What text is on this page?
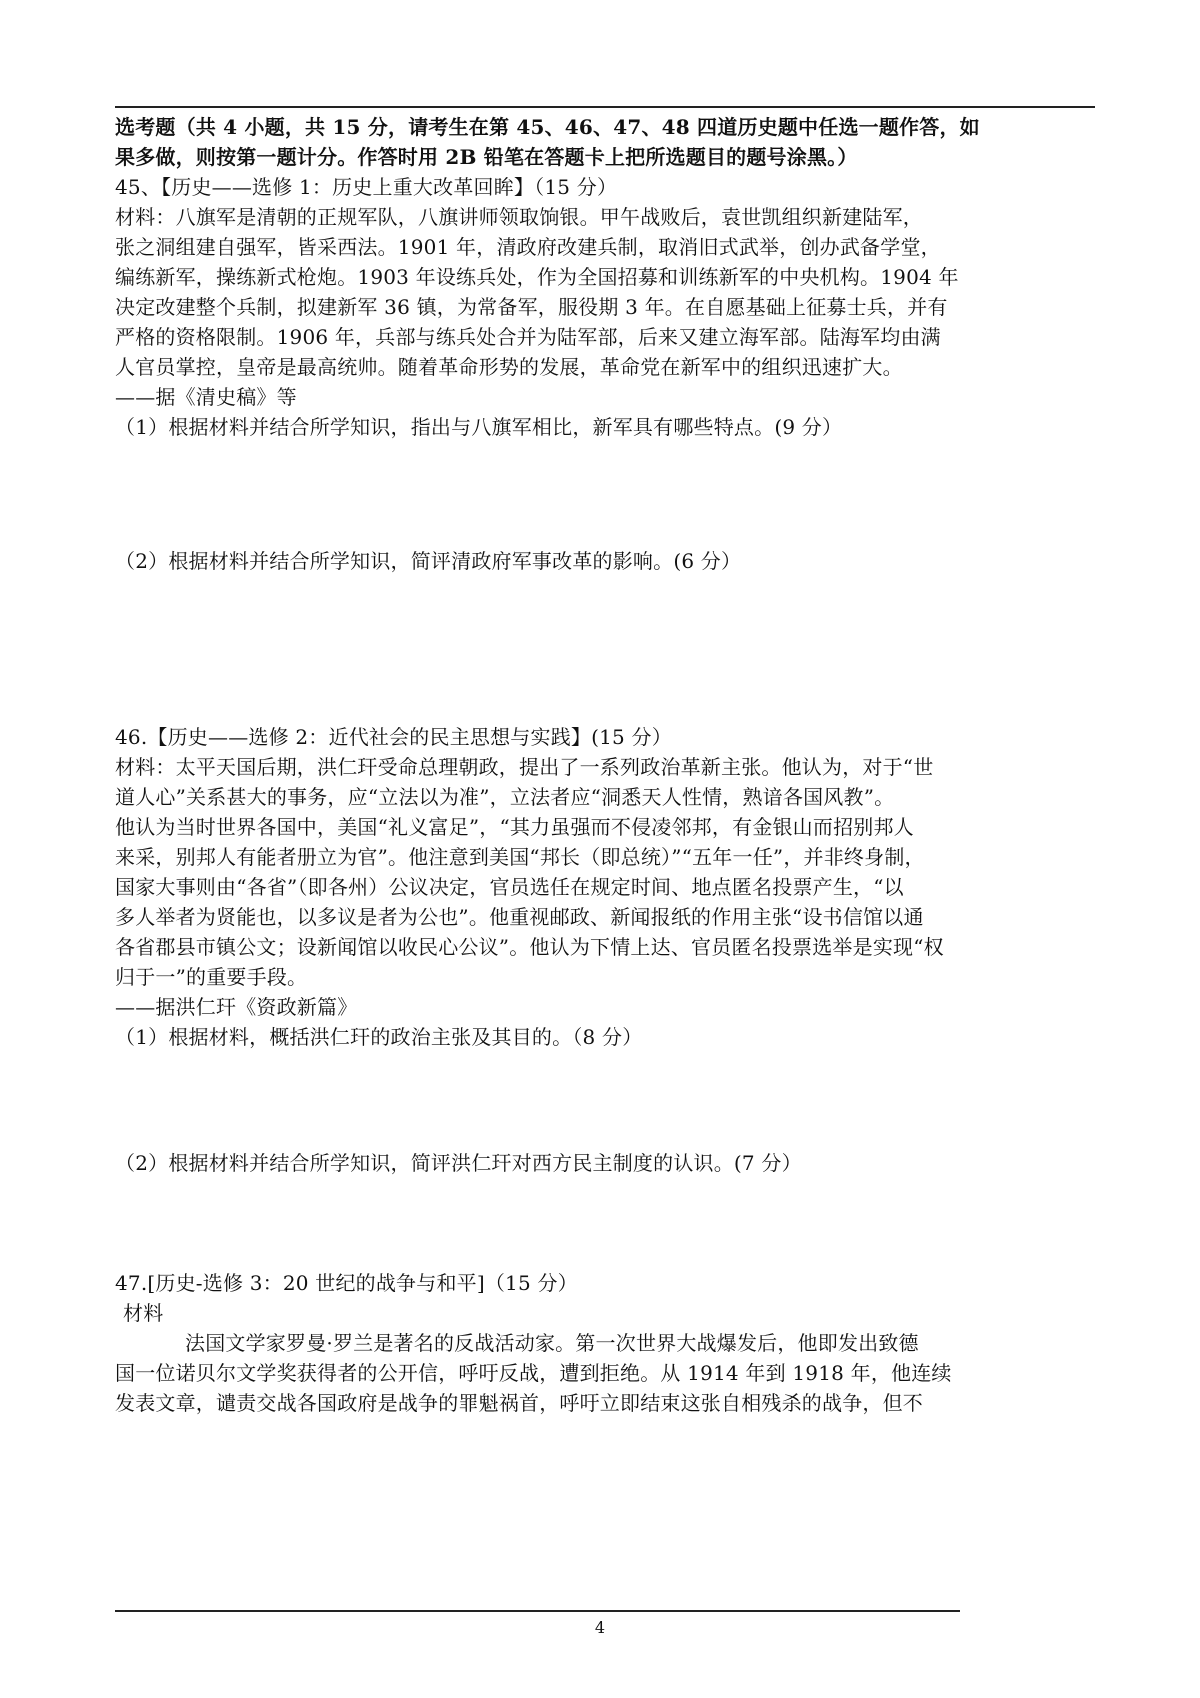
选考题（共 4 小题，共 15 分，请考生在第 45、46、47、48 四道历史题中任选一题作答，如
果多做，则按第一题计分。作答时用 2B 铅笔在答题卡上把所选题目的题号涂黑。）
45、【历史——选修 1：历史上重大改革回眸】（15 分）
材料：八旗军是清朝的正规军队，八旗讲师领取饷银。甲午战败后，袁世凯组织新建陆军，
张之洞组建自强军，皆采西法。1901 年，清政府改建兵制，取消旧式武举，创办武备学堂，
编练新军，操练新式枪炮。1903 年设练兵处，作为全国招募和训练新军的中央机构。1904 年
决定改建整个兵制，拟建新军 36 镇，为常备军，服役期 3 年。在自愿基础上征募士兵，并有
严格的资格限制。1906 年，兵部与练兵处合并为陆军部，后来又建立海军部。陆海军均由满
人官员掌控，皇帝是最高统帅。随着革命形势的发展，革命党在新军中的组织迅速扩大。
——据《清史稿》等
（1）根据材料并结合所学知识，指出与八旗军相比，新军具有哪些特点。(9 分）
（2）根据材料并结合所学知识，简评清政府军事改革的影响。(6 分）
46.【历史——选修 2：近代社会的民主思想与实践】(15 分）
材料：太平天国后期，洪仁玕受命总理朝政，提出了一系列政治革新主张。他认为，对于“世
道人心”关系甚大的事务，应“立法以为准”，立法者应“洞悉天人性情，熟谙各国风教”。
他认为当时世界各国中，美国“礼义富足”，“其力虽强而不侵凌邻邦，有金银山而招别邦人
来采，别邦人有能者册立为官”。他注意到美国“邦长（即总统）”“五年一任”，并非终身制，
国家大事则由“各省”（即各州）公议决定，官员选任在规定时间、地点匿名投票产生，“以
多人举者为贤能也，以多议是者为公也”。他重视邮政、新闻报纸的作用主张“设书信馆以通
各省郡县市镇公文；设新闻馆以收民心公议”。他认为下情上达、官员匿名投票选举是实现“权
归于一”的重要手段。
——据洪仁玕《资政新篇》
（1）根据材料，概括洪仁玕的政治主张及其目的。（8 分）
（2）根据材料并结合所学知识，简评洪仁玕对西方民主制度的认识。(7 分）
47.[历史-选修 3：20 世纪的战争与和平]（15 分）
材料
法国文学家罗曼·罗兰是著名的反战活动家。第一次世界大战爆发后，他即发出致德
国一位诺贝尔文学奖获得者的公开信，呼吁反战，遭到拒绝。从 1914 年到 1918 年，他连续
发表文章，谴责交战各国政府是战争的罪魁祸首，呼吁立即结束这张自相残杀的战争，但不
4
